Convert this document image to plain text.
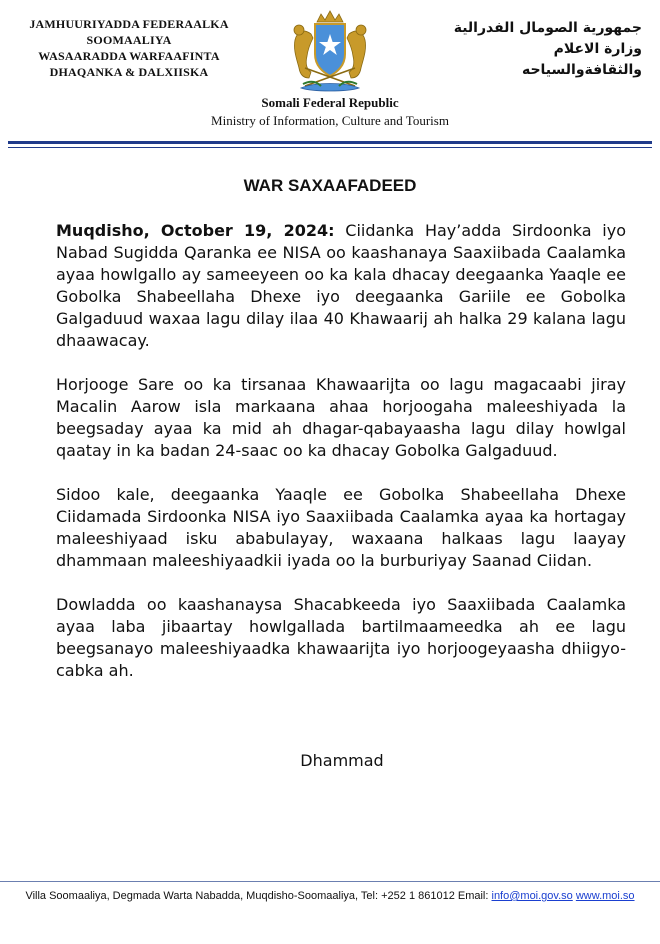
JAMHUURIYADDA FEDERAALKA
SOOMAALIYA
WASAARADDA WARFAAFINTA
DHAQANKA & DALXIISKA
جمهورية الصومال الفدرالية
وزارة الاعلام
والثقافةوالسياحه
Somali Federal Republic
Ministry of Information, Culture and Tourism
WAR SAXAAFADEED

Muqdisho, October 19, 2024: Ciidanka Hay’adda Sirdoonka iyo Nabad Sugidda Qaranka ee NISA oo kaashanaya Saaxiibada Caalamka ayaa howlgallo ay sameeyeen oo ka kala dhacay deegaanka Yaaqle ee Gobolka Shabeellaha Dhexe iyo deegaanka Gariile ee Gobolka Galgaduud waxaa lagu dilay ilaa 40 Khawaarij ah halka 29 kalana lagu dhaawacay.

Horjooge Sare oo ka tirsanaa Khawaarijta oo lagu magacaabi jiray Macalin Aarow isla markaana ahaa horjoogaha maleeshiyada la beegsaday ayaa ka mid ah dhagar-qabayaasha lagu dilay howlgal qaatay in ka badan 24-saac oo ka dhacay Gobolka Galgaduud.

Sidoo kale, deegaanka Yaaqle ee Gobolka Shabeellaha Dhexe Ciidamada Sirdoonka NISA iyo Saaxiibada Caalamka ayaa ka hortagay maleeshiyaad isku ababulayay, waxaana halkaas lagu laayay dhammaan maleeshiyaadkii iyada oo la burburiyay Saanad Ciidan.

Dowladda oo kaashanaysa Shacabkeeda iyo Saaxiibada Caalamka ayaa laba jibaartay howlgallada bartilmaameedka ah ee lagu beegsanayo maleeshiyaadka khawaarijta iyo horjoogeyaasha dhiigyo-cabka ah.

Dhammad
Villa Soomaaliya, Degmada Warta Nabadda, Muqdisho-Soomaaliya, Tel: +252 1 861012 Email: info@moi.gov.so www.moi.so
